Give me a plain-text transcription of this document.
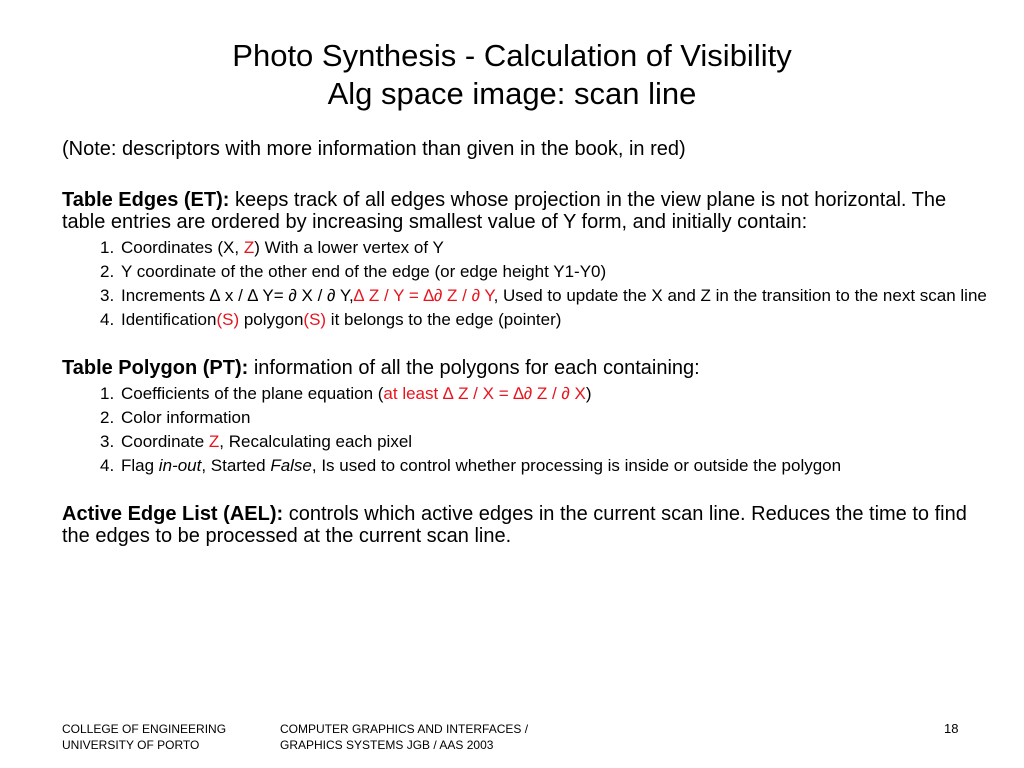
Photo Synthesis - Calculation of Visibility
Alg space image: scan line
(Note: descriptors with more information than given in the book, in red)
Table Edges (ET): keeps track of all edges whose projection in the view plane is not horizontal. The table entries are ordered by increasing smallest value of Y form, and initially contain:
1. Coordinates (X, Z) With a lower vertex of Y
2. Y coordinate of the other end of the edge (or edge height Y1-Y0)
3. Increments ∆ x / ∆ Y= ∂ X / ∂ Y,∆ Z / Y = ∆∂ Z / ∂ Y, Used to update the X and Z in the transition to the next scan line
4. Identification(S) polygon(S) it belongs to the edge (pointer)
Table Polygon (PT): information of all the polygons for each containing:
1. Coefficients of the plane equation (at least ∆ Z / X = ∆∂ Z / ∂ X)
2. Color information
3. Coordinate Z, Recalculating each pixel
4. Flag in-out, Started False, Is used to control whether processing is inside or outside the polygon
Active Edge List (AEL): controls which active edges in the current scan line. Reduces the time to find the edges to be processed at the current scan line.
COLLEGE OF ENGINEERING
UNIVERSITY OF PORTO
COMPUTER GRAPHICS AND INTERFACES /
GRAPHICS SYSTEMS JGB / AAS 2003
18
